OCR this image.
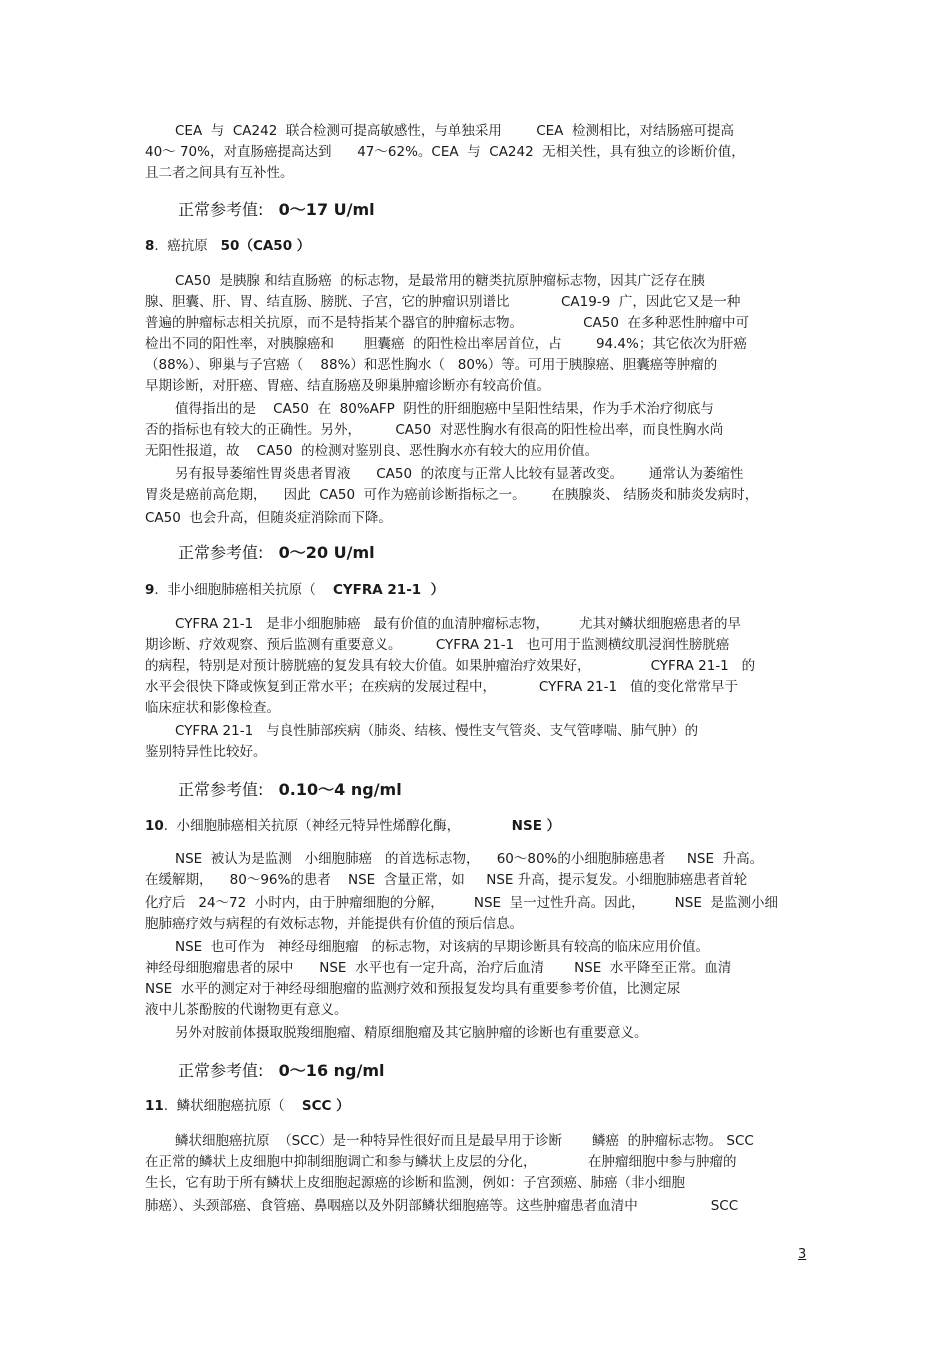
CEA  与  CA242  联合检测可提高敏感性，与单独采用        CEA  检测相比，对结肠癌可提高
40～ 70%，对直肠癌提高达到      47～62%。CEA  与  CA242  无相关性，具有独立的诊断价值，
且二者之间具有互补性。
正常参考值: 0～17 U/ml
8.  癌抗原   50（CA50 ）
CA50  是胰腺 和结直肠癌  的标志物，是最常用的糖类抗原肿瘤标志物，因其广泛存在胰
腺、胆囊、肝、胃、结直肠、膀胱、子宫，它的肿瘤识别谱比            CA19-9  广，因此它又是一种
普遍的肿瘤标志相关抗原，而不是特指某个器官的肿瘤标志物。              CA50  在多种恶性肿瘤中可
检出不同的阳性率，对胰腺癌和       胆囊癌  的阳性检出率居首位，占        94.4%；其它依次为肝癌
（88%）、卵巢与子宫癌（    88%）和恶性胸水（   80%）等。可用于胰腺癌、胆囊癌等肿瘤的
早期诊断，对肝癌、胃癌、结直肠癌及卵巢肿瘤诊断亦有较高价值。
值得指出的是    CA50  在  80%AFP  阴性的肝细胞癌中呈阳性结果，作为手术治疗彻底与
否的指标也有较大的正确性。另外，        CA50  对恶性胸水有很高的阳性检出率，而良性胸水尚
无阳性报道，故    CA50  的检测对鉴别良、恶性胸水亦有较大的应用价值。
另有报导萎缩性胃炎患者胃液      CA50  的浓度与正常人比较有显著改变。      通常认为萎缩性
胃炎是癌前高危期，    因此  CA50  可作为癌前诊断指标之一。      在胰腺炎、 结肠炎和肺炎发病时，
CA50  也会升高，但随炎症消除而下降。
正常参考值: 0～20 U/ml
9.  非小细胞肺癌相关抗原（    CYFRA 21-1  ）
CYFRA 21-1   是非小细胞肺癌   最有价值的血清肿瘤标志物，       尤其对鳞状细胞癌患者的早
期诊断、疗效观察、预后监测有重要意义。        CYFRA 21-1   也可用于监测横纹肌浸润性膀胱癌
的病程，特别是对预计膀胱癌的复发具有较大价值。如果肿瘤治疗效果好，              CYFRA 21-1   的
水平会很快下降或恢复到正常水平；在疾病的发展过程中，          CYFRA 21-1   值的变化常常早于
临床症状和影像检查。
CYFRA 21-1   与良性肺部疾病（肺炎、结核、慢性支气管炎、支气管哮喘、肺气肿）的
鉴别特异性比较好。
正常参考值: 0.10～4 ng/ml
10.  小细胞肺癌相关抗原（神经元特异性烯醇化酶，            NSE ）
NSE  被认为是监测   小细胞肺癌   的首选标志物，    60～80%的小细胞肺癌患者     NSE  升高。
在缓解期，    80～96%的患者    NSE  含量正常，如     NSE 升高，提示复发。小细胞肺癌患者首轮
化疗后   24～72  小时内，由于肿瘤细胞的分解，       NSE  呈一过性升高。因此，       NSE  是监测小细
胞肺癌疗效与病程的有效标志物，并能提供有价值的预后信息。
NSE  也可作为   神经母细胞瘤   的标志物，对该病的早期诊断具有较高的临床应用价值。
神经母细胞瘤患者的尿中      NSE  水平也有一定升高，治疗后血清       NSE  水平降至正常。血清
NSE  水平的测定对于神经母细胞瘤的监测疗效和预报复发均具有重要参考价值，比测定尿
液中儿茶酚胺的代谢物更有意义。
另外对胺前体摄取脱羧细胞瘤、精原细胞瘤及其它脑肿瘤的诊断也有重要意义。
正常参考值: 0～16 ng/ml
11.  鳞状细胞癌抗原（    SCC ）
鳞状细胞癌抗原  （SCC）是一种特异性很好而且是最早用于诊断       鳞癌  的肿瘤标志物。 SCC
在正常的鳞状上皮细胞中抑制细胞调亡和参与鳞状上皮层的分化，            在肿瘤细胞中参与肿瘤的
生长，它有助于所有鳞状上皮细胞起源癌的诊断和监测，例如：子宫颈癌、肺癌（非小细胞
肺癌）、头颈部癌、食管癌、鼻咽癌以及外阴部鳞状细胞癌等。这些肿瘤患者血清中                 SCC
3
